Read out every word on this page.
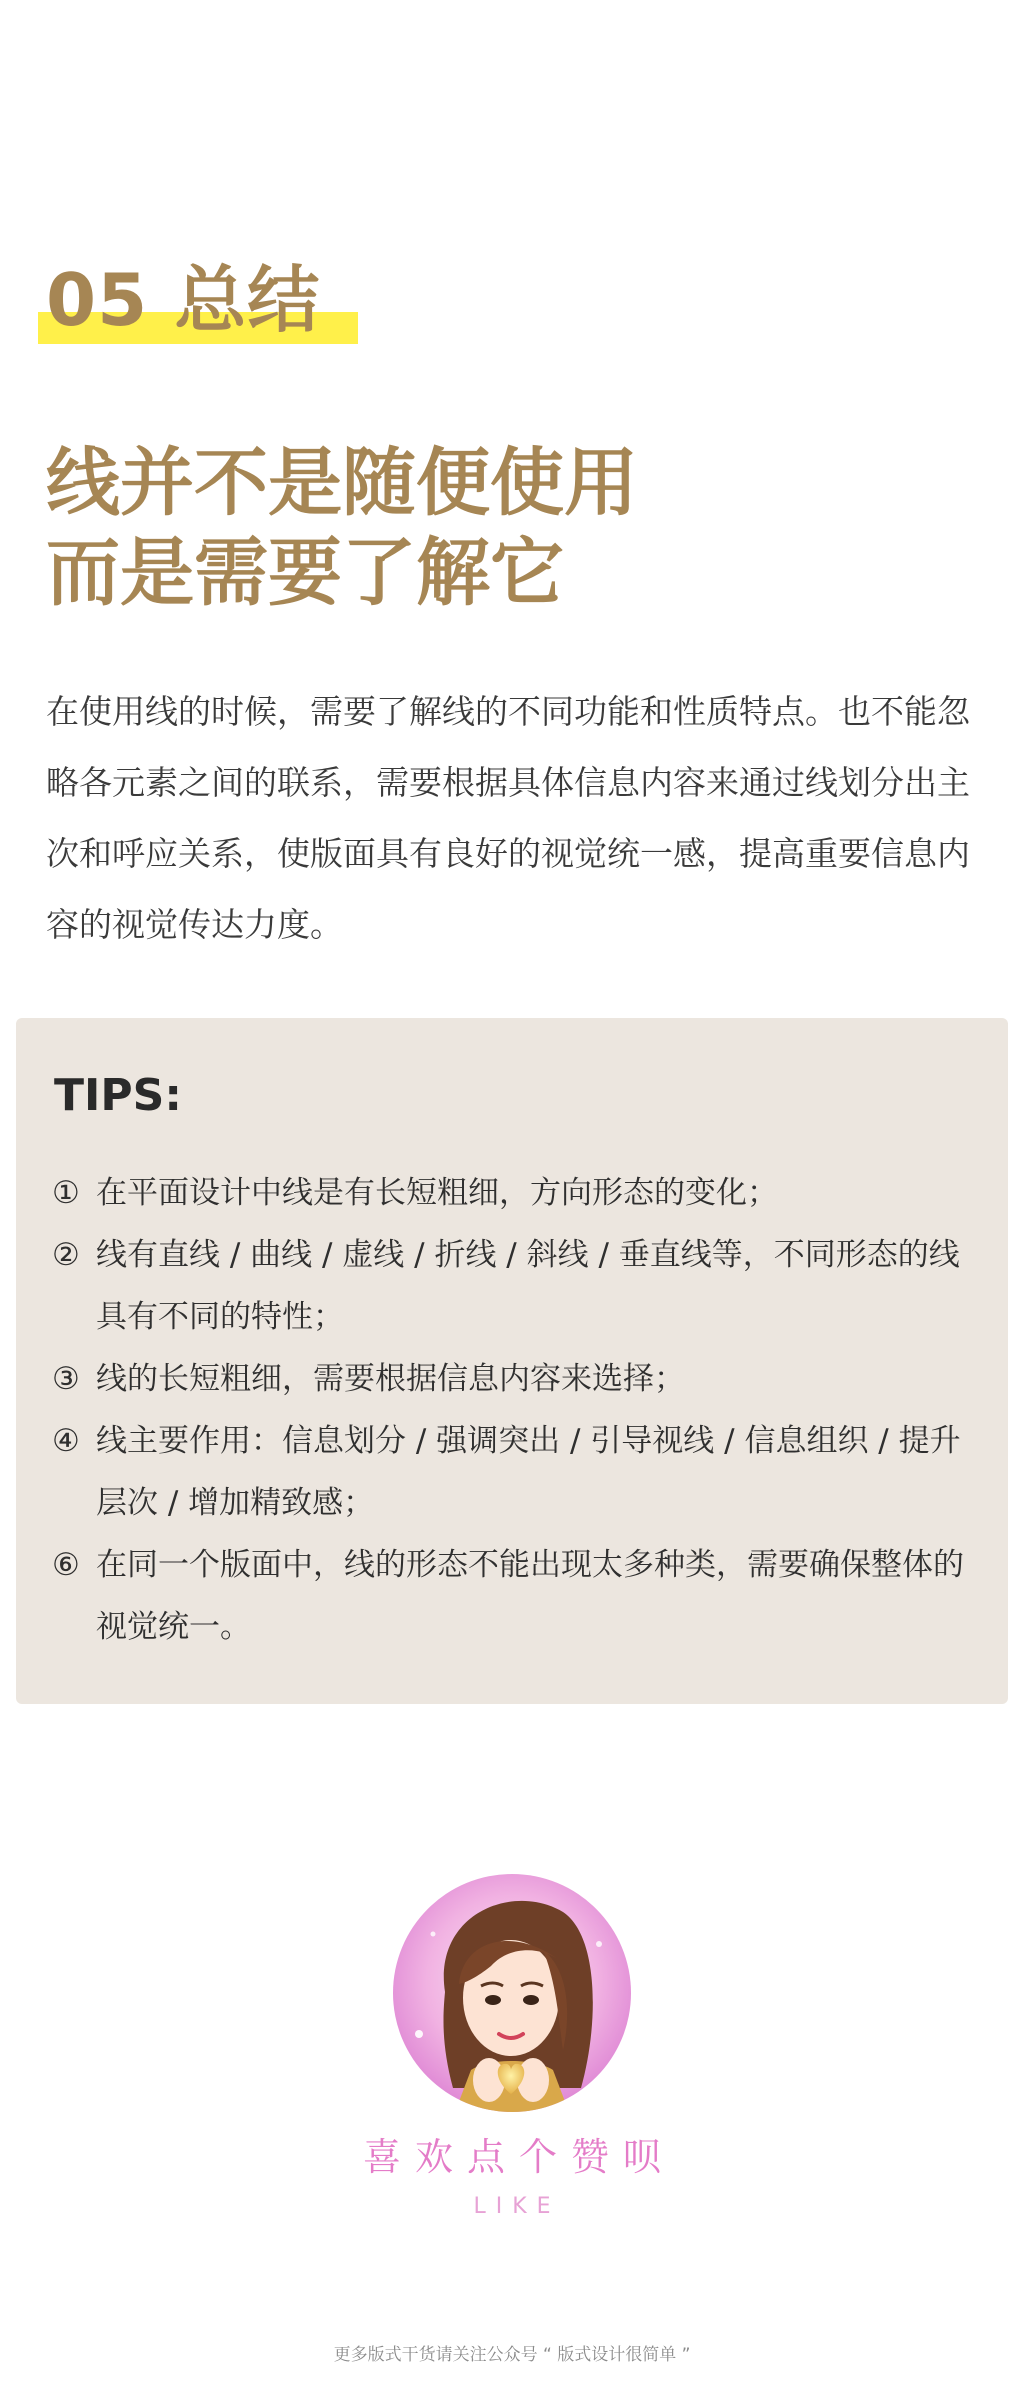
05 总结
线并不是随便使用
而是需要了解它

在使用线的时候，需要了解线的不同功能和性质特点。也不能忽略各元素之间的联系，需要根据具体信息内容来通过线划分出主次和呼应关系，使版面具有良好的视觉统一感，提高重要信息内容的视觉传达力度。

TIPS:
① 在平面设计中线是有长短粗细，方向形态的变化；
② 线有直线 / 曲线 / 虚线 / 折线 / 斜线 / 垂直线等，不同形态的线具有不同的特性；
③ 线的长短粗细，需要根据信息内容来选择；
④ 线主要作用：信息划分 / 强调突出 / 引导视线 / 信息组织 / 提升层次 / 增加精致感；
⑥ 在同一个版面中，线的形态不能出现太多种类，需要确保整体的视觉统一。
喜欢点个赞呗
LIKE
更多版式干货请关注公众号 “ 版式设计很简单 ”
